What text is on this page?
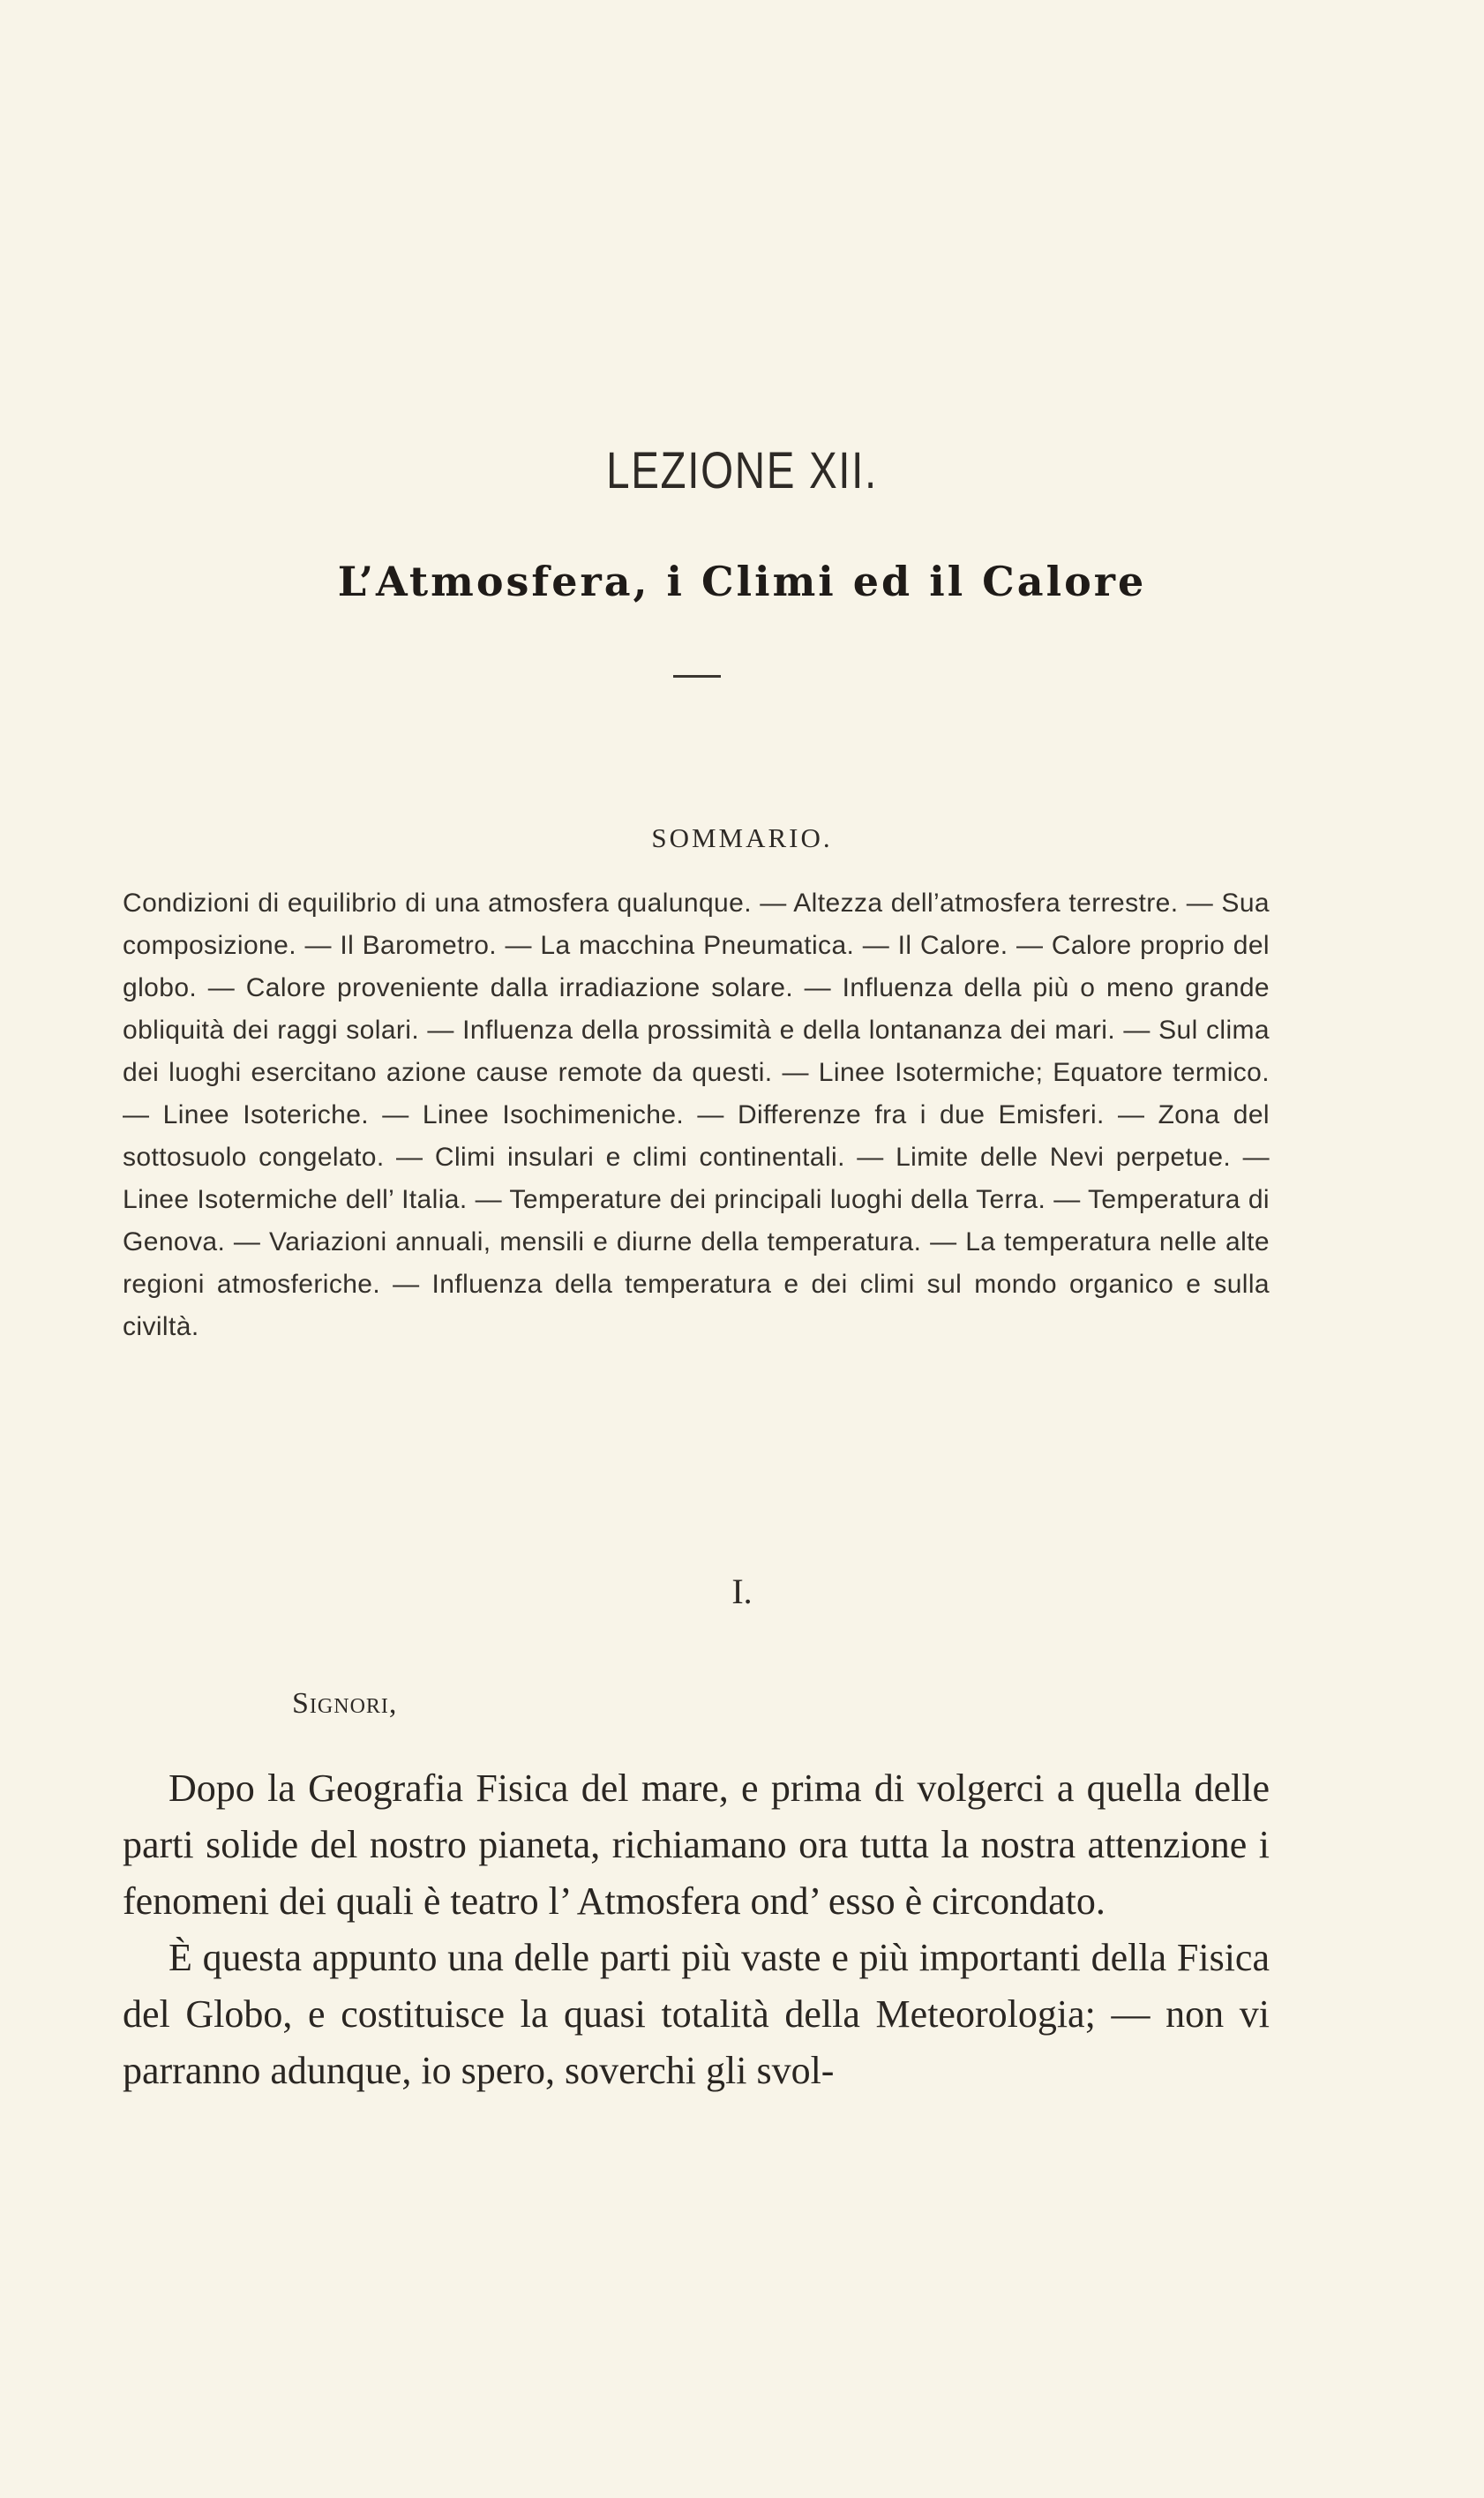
LEZIONE XII.
L’Atmosfera, i Climi ed il Calore
SOMMARIO.
Condizioni di equilibrio di una atmosfera qualunque. — Altezza dell’atmosfera terrestre. — Sua composizione. — Il Barometro. — La macchina Pneumatica. — Il Calore. — Calore proprio del globo. — Calore proveniente dalla irradiazione solare. — Influenza della più o meno grande obliquità dei raggi solari. — Influenza della prossimità e della lontananza dei mari. — Sul clima dei luoghi esercitano azione cause remote da questi. — Linee Isotermiche; Equatore termico. — Linee Isoteriche. — Linee Isochimeniche. — Differenze fra i due Emisferi. — Zona del sottosuolo congelato. — Climi insulari e climi continentali. — Limite delle Nevi perpetue. — Linee Isotermiche dell’ Italia. — Temperature dei principali luoghi della Terra. — Temperatura di Genova. — Variazioni annuali, mensili e diurne della temperatura. — La temperatura nelle alte regioni atmosferiche. — Influenza della temperatura e dei climi sul mondo organico e sulla civiltà.
I.
Signori,

Dopo la Geografia Fisica del mare, e prima di volgerci a quella delle parti solide del nostro pianeta, richiamano ora tutta la nostra attenzione i fenomeni dei quali è teatro l’ Atmosfera ond’ esso è circondato.

È questa appunto una delle parti più vaste e più importanti della Fisica del Globo, e costituisce la quasi totalità della Meteorologia; — non vi parranno adunque, io spero, soverchi gli svol-
